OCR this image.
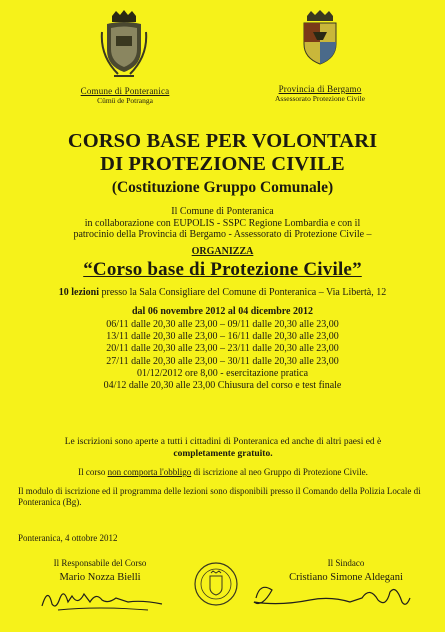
Comune di Ponteranica
Cümü de Potranga
Provincia di Bergamo
Assessorato Protezione Civile
CORSO BASE PER VOLONTARI
DI PROTEZIONE CIVILE
(Costituzione Gruppo Comunale)
Il Comune di Ponteranica
in collaborazione con EUPOLIS - SSPC Regione Lombardia e con il
patrocinio della Provincia di Bergamo - Assessorato di Protezione Civile –
ORGANIZZA
“Corso base di Protezione Civile”
10 lezioni presso la Sala Consigliare del Comune di Ponteranica – Via Libertà, 12
dal 06 novembre 2012 al 04 dicembre 2012
06/11 dalle 20,30 alle 23,00 – 09/11 dalle 20,30 alle 23,00
13/11 dalle 20,30 alle 23,00 – 16/11 dalle 20,30 alle 23,00
20/11 dalle 20,30 alle 23,00 – 23/11 dalle 20,30 alle 23,00
27/11 dalle 20,30 alle 23,00 – 30/11 dalle 20,30 alle 23,00
01/12/2012 ore 8,00 - esercitazione pratica
04/12 dalle 20,30 alle 23,00 Chiusura del corso e test finale
Le iscrizioni sono aperte a tutti i cittadini di Ponteranica ed anche di altri paesi ed è
completamente gratuito.
Il corso non comporta l'obbligo di iscrizione al neo Gruppo di Protezione Civile.
Il modulo di iscrizione ed il programma delle lezioni sono disponibili presso il Comando della Polizia Locale di Ponteranica (Bg).
Ponteranica, 4 ottobre 2012
Il Responsabile del Corso
Mario Nozza Bielli
Il Sindaco
Cristiano Simone Aldegani
